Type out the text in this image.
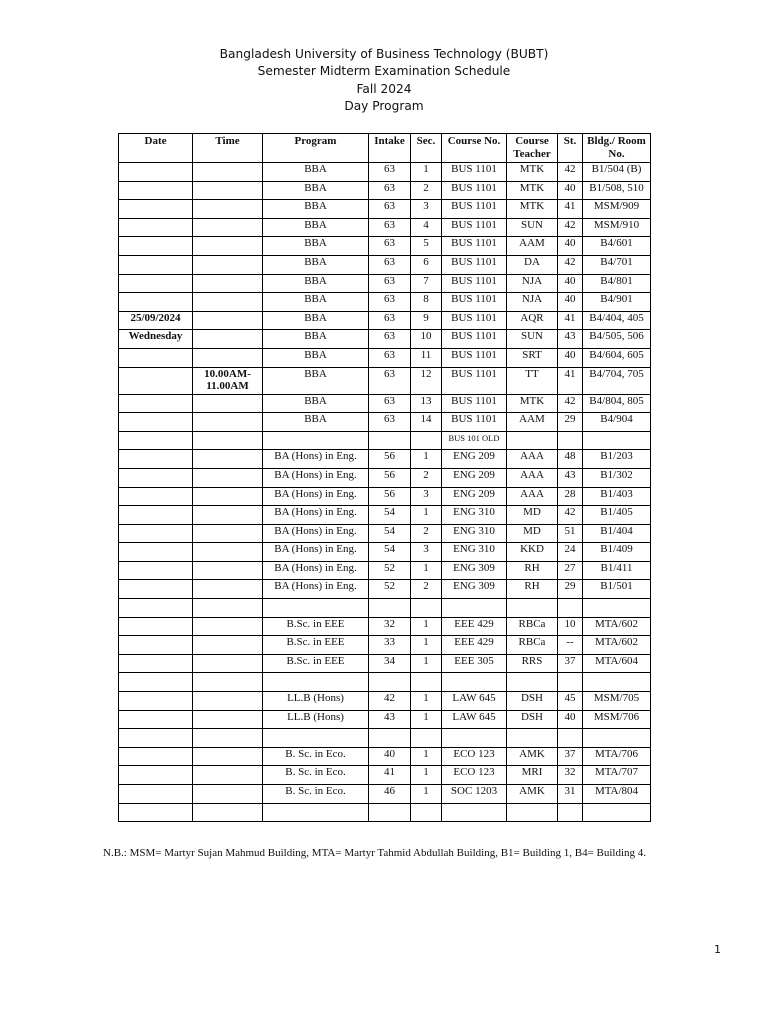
Bangladesh University of Business Technology (BUBT)
Semester Midterm Examination Schedule
Fall 2024
Day Program
Date	Time	Program	Intake	Sec.	Course No.	Course Teacher	St.	Bldg./ Room No.
		BBA	63	1	BUS 1101	MTK	42	B1/504 (B)
		BBA	63	2	BUS 1101	MTK	40	B1/508, 510
		BBA	63	3	BUS 1101	MTK	41	MSM/909
		BBA	63	4	BUS 1101	SUN	42	MSM/910
		BBA	63	5	BUS 1101	AAM	40	B4/601
		BBA	63	6	BUS 1101	DA	42	B4/701
		BBA	63	7	BUS 1101	NJA	40	B4/801
		BBA	63	8	BUS 1101	NJA	40	B4/901
25/09/2024		BBA	63	9	BUS 1101	AQR	41	B4/404, 405
Wednesday		BBA	63	10	BUS 1101	SUN	43	B4/505, 506
		BBA	63	11	BUS 1101	SRT	40	B4/604, 605
	10.00AM-11.00AM	BBA	63	12	BUS 1101	TT	41	B4/704, 705
		BBA	63	13	BUS 1101	MTK	42	B4/804, 805
		BBA	63	14	BUS 1101	AAM	29	B4/904
					BUS 101 OLD			
		BA (Hons) in Eng.	56	1	ENG 209	AAA	48	B1/203
		BA (Hons) in Eng.	56	2	ENG 209	AAA	43	B1/302
		BA (Hons) in Eng.	56	3	ENG 209	AAA	28	B1/403
		BA (Hons) in Eng.	54	1	ENG 310	MD	42	B1/405
		BA (Hons) in Eng.	54	2	ENG 310	MD	51	B1/404
		BA (Hons) in Eng.	54	3	ENG 310	KKD	24	B1/409
		BA (Hons) in Eng.	52	1	ENG 309	RH	27	B1/411
		BA (Hons) in Eng.	52	2	ENG 309	RH	29	B1/501

		B.Sc. in EEE	32	1	EEE 429	RBCa	10	MTA/602
		B.Sc. in EEE	33	1	EEE 429	RBCa	--	MTA/602
		B.Sc. in EEE	34	1	EEE 305	RRS	37	MTA/604

		LL.B (Hons)	42	1	LAW 645	DSH	45	MSM/705
		LL.B (Hons)	43	1	LAW 645	DSH	40	MSM/706

		B. Sc. in Eco.	40	1	ECO 123	AMK	37	MTA/706
		B. Sc. in Eco.	41	1	ECO 123	MRI	32	MTA/707
		B. Sc. in Eco.	46	1	SOC 1203	AMK	31	MTA/804

N.B.: MSM= Martyr Sujan Mahmud Building, MTA= Martyr Tahmid Abdullah Building, B1= Building 1, B4= Building 4.
1
